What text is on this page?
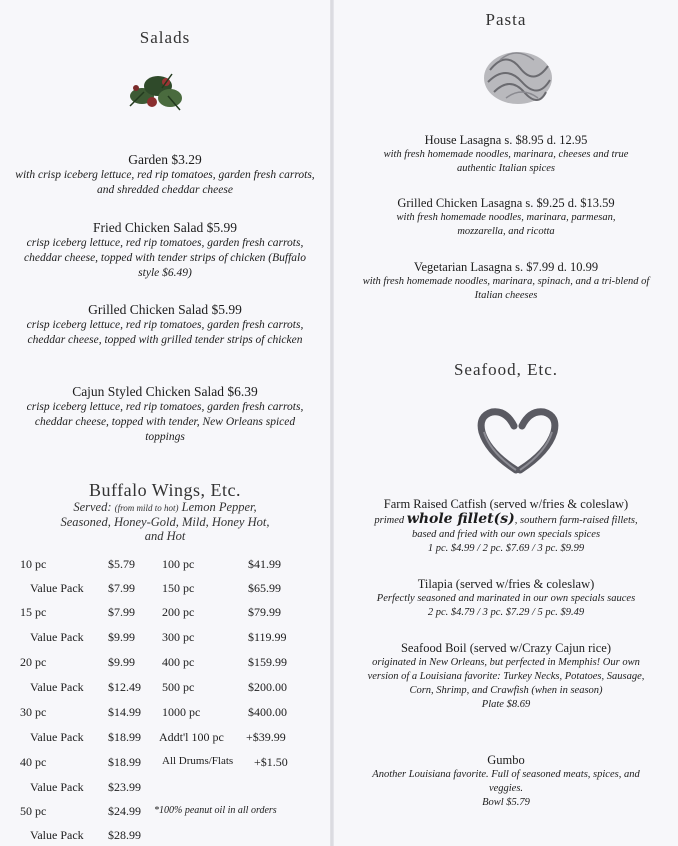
Salads
Garden $3.29
with crisp iceberg lettuce, red rip tomatoes, garden fresh carrots, and shredded cheddar cheese
Fried Chicken Salad $5.99
crisp iceberg lettuce, red rip tomatoes, garden fresh carrots, cheddar cheese, topped with tender strips of chicken (Buffalo style $6.49)
Grilled Chicken Salad $5.99
crisp iceberg lettuce, red rip tomatoes, garden fresh carrots, cheddar cheese, topped with grilled tender strips of chicken
Cajun Styled Chicken Salad $6.39
crisp iceberg lettuce, red rip tomatoes, garden fresh carrots, cheddar cheese, topped with tender, New Orleans spiced toppings
Buffalo Wings, Etc.
Served: (from mild to hot) Lemon Pepper,
Seasoned, Honey-Gold, Mild, Honey Hot,
and Hot
10 pc	$5.79 100 pc	$41.99
Value Pack $7.99 150 pc	$65.99
15 pc	$7.99 200 pc	$79.99
Value Pack $9.99 300 pc	$119.99
20 pc	$9.99 400 pc	$159.99
Value Pack $12.49 500 pc	$200.00
30 pc	$14.99 1000 pc	$400.00
Value Pack $18.99 Addt'l 100 pc +$39.99
40 pc	$18.99 All Drums/Flats +$1.50
Value Pack $23.99
50 pc	$24.99 *100% peanut oil in all orders
Value Pack $28.99
Pasta
House Lasagna s. $8.95 d. 12.95
with fresh homemade noodles, marinara, cheeses and true authentic Italian spices
Grilled Chicken Lasagna s. $9.25 d. $13.59
with fresh homemade noodles, marinara, parmesan, mozzarella, and ricotta
Vegetarian Lasagna s. $7.99 d. 10.99
with fresh homemade noodles, marinara, spinach, and a tri-blend of Italian cheeses
Seafood, Etc.
Farm Raised Catfish (served w/fries & coleslaw)
primed whole fillet(s), southern farm-raised fillets, based and fried with our own specials spices
1 pc. $4.99 / 2 pc. $7.69 / 3 pc. $9.99
Tilapia (served w/fries & coleslaw)
Perfectly seasoned and marinated in our own specials sauces
2 pc. $4.79 / 3 pc. $7.29 / 5 pc. $9.49
Seafood Boil (served w/Crazy Cajun rice)
originated in New Orleans, but perfected in Memphis! Our own version of a Louisiana favorite: Turkey Necks, Potatoes, Sausage, Corn, Shrimp, and Crawfish (when in season)
Plate $8.69
Gumbo
Another Louisiana favorite. Full of seasoned meats, spices, and veggies.
Bowl $5.79
